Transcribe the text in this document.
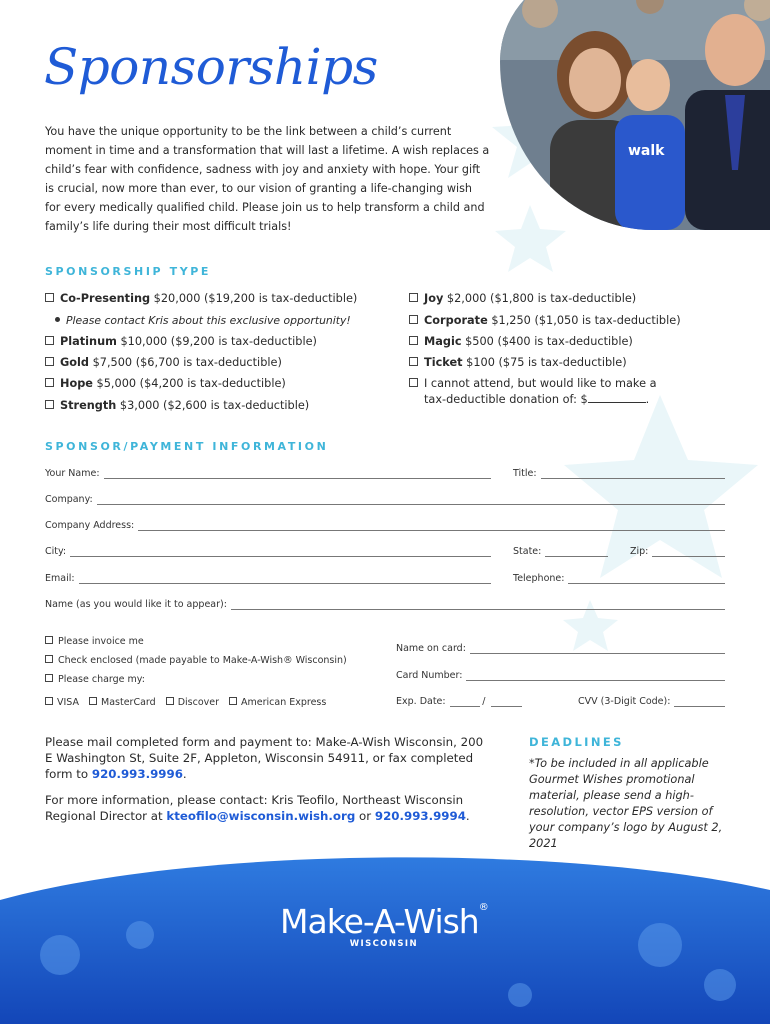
walk
Sponsorships
You have the unique opportunity to be the link between a child’s current moment in time and a transformation that will last a lifetime. A wish replaces a child’s fear with confidence, sadness with joy and anxiety with hope. Your gift is crucial, now more than ever, to our vision of granting a life-changing wish for every medically qualified child. Please join us to help transform a child and family’s life during their most difficult trials!
SPONSORSHIP TYPE
Co-Presenting $20,000 ($19,200 is tax-deductible)
Please contact Kris about this exclusive opportunity!
Platinum $10,000 ($9,200 is tax-deductible)
Gold $7,500 ($6,700 is tax-deductible)
Hope $5,000 ($4,200 is tax-deductible)
Strength $3,000 ($2,600 is tax-deductible)
Joy $2,000 ($1,800 is tax-deductible)
Corporate $1,250 ($1,050 is tax-deductible)
Magic $500 ($400 is tax-deductible)
Ticket $100 ($75 is tax-deductible)
I cannot attend, but would like to make a
tax-deductible donation of: $	.
SPONSOR/PAYMENT INFORMATION
Your Name:	Title:
Company:
Company Address:
City:	State:	Zip:
Email:	Telephone:
Name (as you would like it to appear):
Please invoice me
Check enclosed (made payable to Make-A-Wish® Wisconsin)
Please charge my:
VISA	MasterCard	Discover	American Express
Name on card:
Card Number:
Exp. Date:	/	CVV (3-Digit Code):
Please mail completed form and payment to: Make-A-Wish Wisconsin, 200 E Washington St, Suite 2F, Appleton, Wisconsin 54911, or fax completed form to 920.993.9996.
For more information, please contact: Kris Teofilo, Northeast Wisconsin Regional Director at kteofilo@wisconsin.wish.org or 920.993.9994.
DEADLINES
*To be included in all applicable Gourmet Wishes promotional material, please send a high-resolution, vector EPS version of your company’s logo by August 2, 2021
Make-A-Wish®
WISCONSIN
